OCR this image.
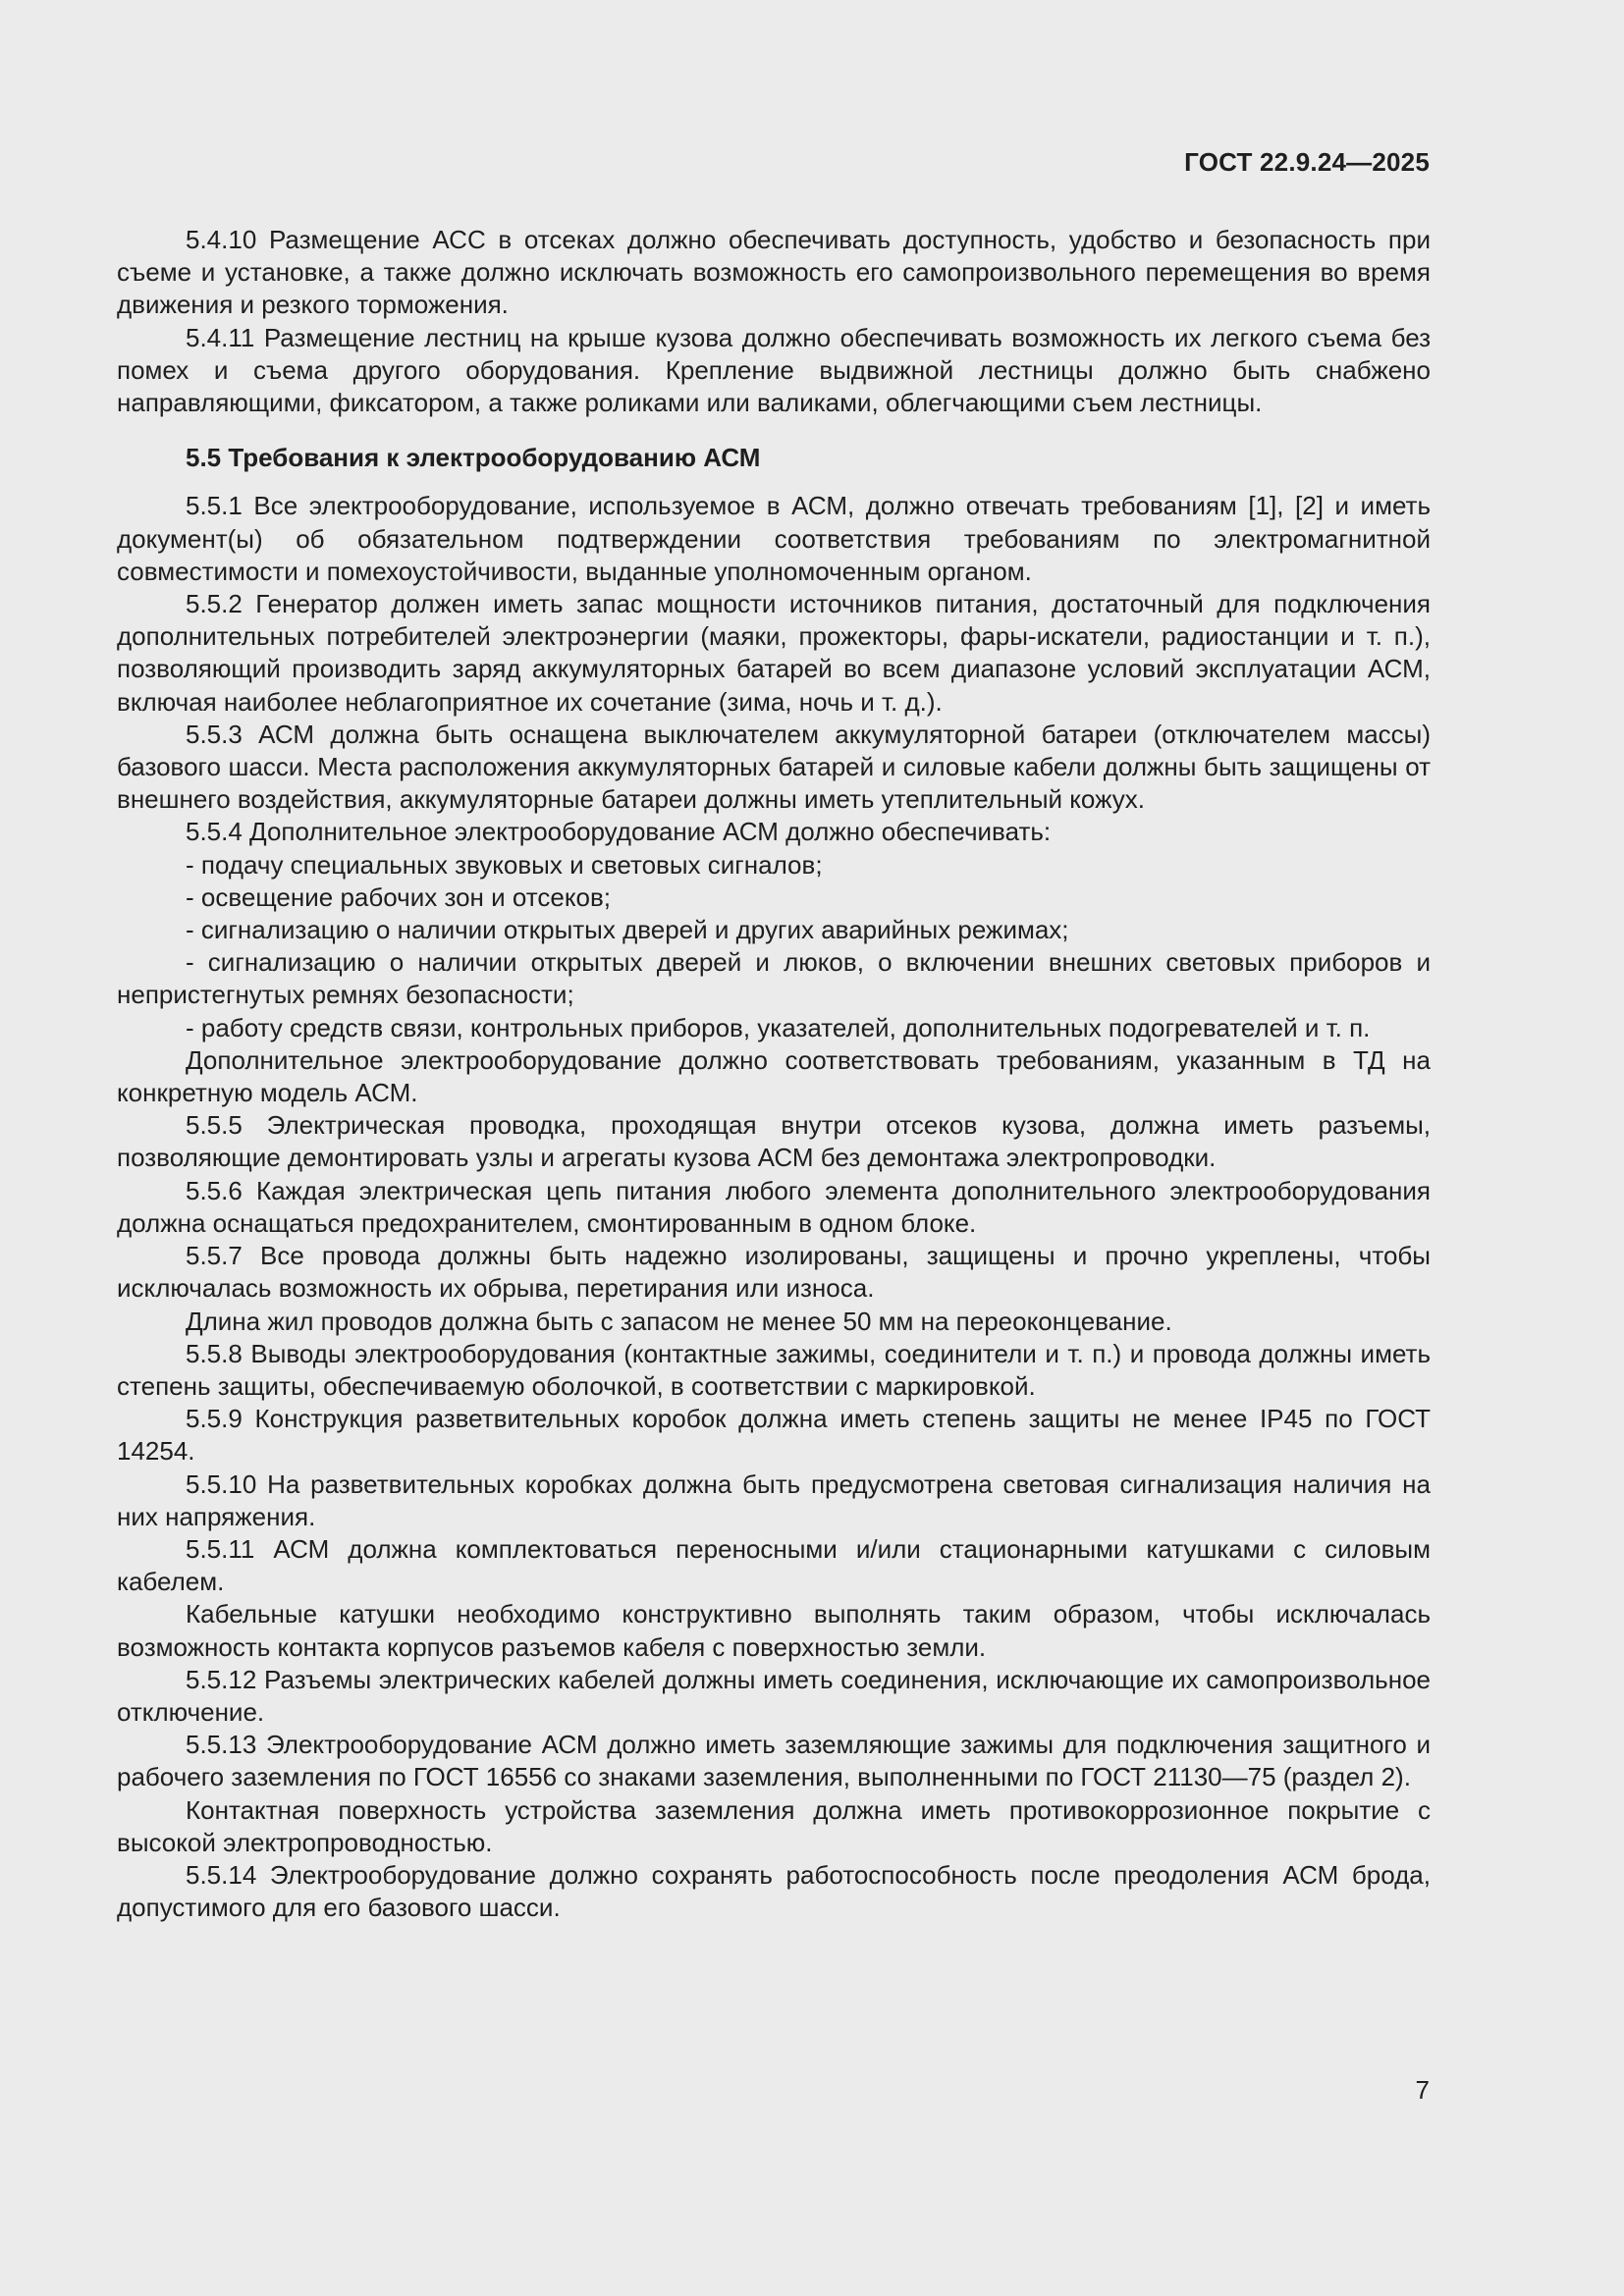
ГОСТ 22.9.24—2025

5.4.10 Размещение АСС в отсеках должно обеспечивать доступность, удобство и безопасность при съеме и установке, а также должно исключать возможность его самопроизвольного перемещения во время движения и резкого торможения.

5.4.11 Размещение лестниц на крыше кузова должно обеспечивать возможность их легкого съема без помех и съема другого оборудования. Крепление выдвижной лестницы должно быть снабжено направляющими, фиксатором, а также роликами или валиками, облегчающими съем лестницы.

5.5 Требования к электрооборудованию АСМ

5.5.1 Все электрооборудование, используемое в АСМ, должно отвечать требованиям [1], [2] и иметь документ(ы) об обязательном подтверждении соответствия требованиям по электромагнитной совместимости и помехоустойчивости, выданные уполномоченным органом.

5.5.2 Генератор должен иметь запас мощности источников питания, достаточный для подключения дополнительных потребителей электроэнергии (маяки, прожекторы, фары-искатели, радиостанции и т. п.), позволяющий производить заряд аккумуляторных батарей во всем диапазоне условий эксплуатации АСМ, включая наиболее неблагоприятное их сочетание (зима, ночь и т. д.).

5.5.3 АСМ должна быть оснащена выключателем аккумуляторной батареи (отключателем массы) базового шасси. Места расположения аккумуляторных батарей и силовые кабели должны быть защищены от внешнего воздействия, аккумуляторные батареи должны иметь утеплительный кожух.

5.5.4 Дополнительное электрооборудование АСМ должно обеспечивать:

- подачу специальных звуковых и световых сигналов;

- освещение рабочих зон и отсеков;

- сигнализацию о наличии открытых дверей и других аварийных режимах;

- сигнализацию о наличии открытых дверей и люков, о включении внешних световых приборов и непристегнутых ремнях безопасности;

- работу средств связи, контрольных приборов, указателей, дополнительных подогревателей и т. п.

Дополнительное электрооборудование должно соответствовать требованиям, указанным в ТД на конкретную модель АСМ.

5.5.5 Электрическая проводка, проходящая внутри отсеков кузова, должна иметь разъемы, позволяющие демонтировать узлы и агрегаты кузова АСМ без демонтажа электропроводки.

5.5.6 Каждая электрическая цепь питания любого элемента дополнительного электрооборудования должна оснащаться предохранителем, смонтированным в одном блоке.

5.5.7 Все провода должны быть надежно изолированы, защищены и прочно укреплены, чтобы исключалась возможность их обрыва, перетирания или износа.

Длина жил проводов должна быть с запасом не менее 50 мм на переоконцевание.

5.5.8 Выводы электрооборудования (контактные зажимы, соединители и т. п.) и провода должны иметь степень защиты, обеспечиваемую оболочкой, в соответствии с маркировкой.

5.5.9 Конструкция разветвительных коробок должна иметь степень защиты не менее IP45 по ГОСТ 14254.

5.5.10 На разветвительных коробках должна быть предусмотрена световая сигнализация наличия на них напряжения.

5.5.11 АСМ должна комплектоваться переносными и/или стационарными катушками с силовым кабелем.

Кабельные катушки необходимо конструктивно выполнять таким образом, чтобы исключалась возможность контакта корпусов разъемов кабеля с поверхностью земли.

5.5.12 Разъемы электрических кабелей должны иметь соединения, исключающие их самопроизвольное отключение.

5.5.13 Электрооборудование АСМ должно иметь заземляющие зажимы для подключения защитного и рабочего заземления по ГОСТ 16556 со знаками заземления, выполненными по ГОСТ 21130—75 (раздел 2).

Контактная поверхность устройства заземления должна иметь противокоррозионное покрытие с высокой электропроводностью.

5.5.14 Электрооборудование должно сохранять работоспособность после преодоления АСМ брода, допустимого для его базового шасси.

7
